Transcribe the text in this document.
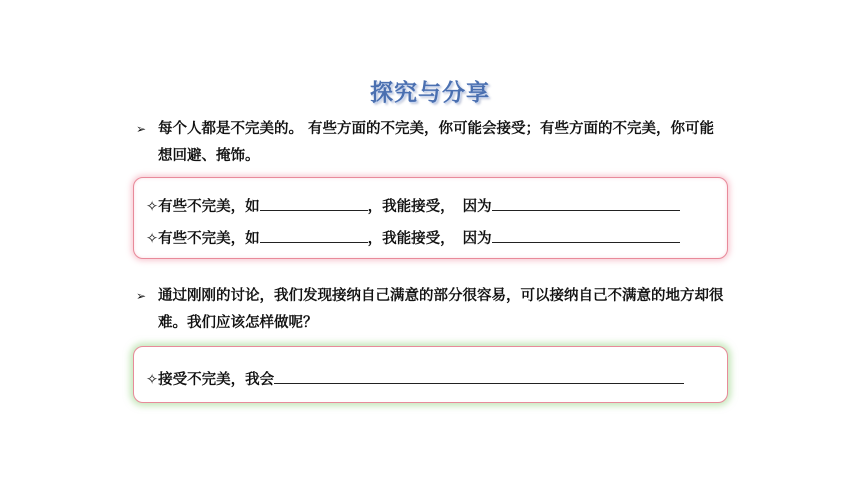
探究与分享
➢ 每个人都是不完美的。 有些方面的不完美，你可能会接受；有些方面的不完美，你可能想回避、掩饰。
✧有些不完美，如	，我能接受， 因为
✧有些不完美，如	，我能接受， 因为
➢ 通过刚刚的讨论，我们发现接纳自己满意的部分很容易，可以接纳自己不满意的地方却很难。我们应该怎样做呢？
✧接受不完美，我会
